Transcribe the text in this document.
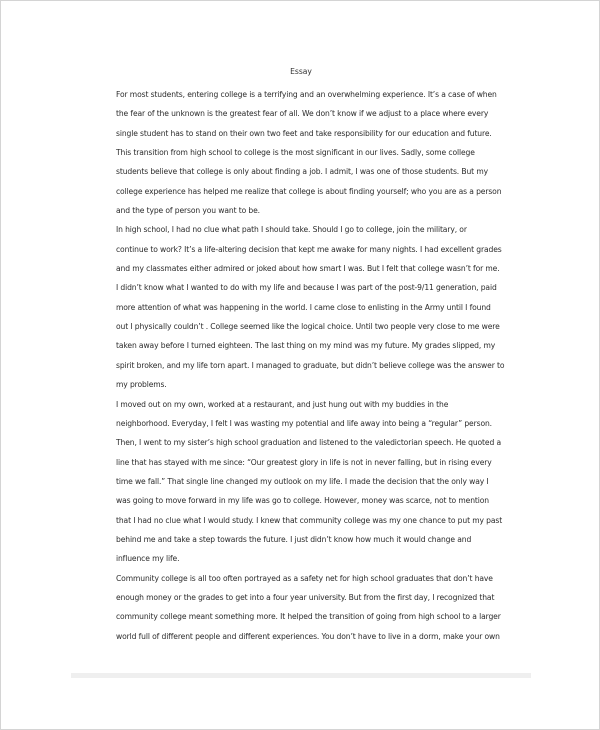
Essay
For most students, entering college is a terrifying and an overwhelming experience. It’s a case of when
the fear of the unknown is the greatest fear of all. We don’t know if we adjust to a place where every
single student has to stand on their own two feet and take responsibility for our education and future.
This transition from high school to college is the most significant in our lives. Sadly, some college
students believe that college is only about finding a job. I admit, I was one of those students. But my
college experience has helped me realize that college is about finding yourself; who you are as a person
and the type of person you want to be.
In high school, I had no clue what path I should take. Should I go to college, join the military, or
continue to work? It’s a life-altering decision that kept me awake for many nights. I had excellent grades
and my classmates either admired or joked about how smart I was. But I felt that college wasn’t for me.
I didn’t know what I wanted to do with my life and because I was part of the post-9/11 generation, paid
more attention of what was happening in the world. I came close to enlisting in the Army until I found
out I physically couldn’t . College seemed like the logical choice. Until two people very close to me were
taken away before I turned eighteen. The last thing on my mind was my future. My grades slipped, my
spirit broken, and my life torn apart. I managed to graduate, but didn’t believe college was the answer to
my problems.
I moved out on my own, worked at a restaurant, and just hung out with my buddies in the
neighborhood. Everyday, I felt I was wasting my potential and life away into being a “regular” person.
Then, I went to my sister’s high school graduation and listened to the valedictorian speech. He quoted a
line that has stayed with me since: “Our greatest glory in life is not in never falling, but in rising every
time we fall.” That single line changed my outlook on my life. I made the decision that the only way I
was going to move forward in my life was go to college. However, money was scarce, not to mention
that I had no clue what I would study. I knew that community college was my one chance to put my past
behind me and take a step towards the future. I just didn’t know how much it would change and
influence my life.
Community college is all too often portrayed as a safety net for high school graduates that don’t have
enough money or the grades to get into a four year university. But from the first day, I recognized that
community college meant something more. It helped the transition of going from high school to a larger
world full of different people and different experiences. You don’t have to live in a dorm, make your own
